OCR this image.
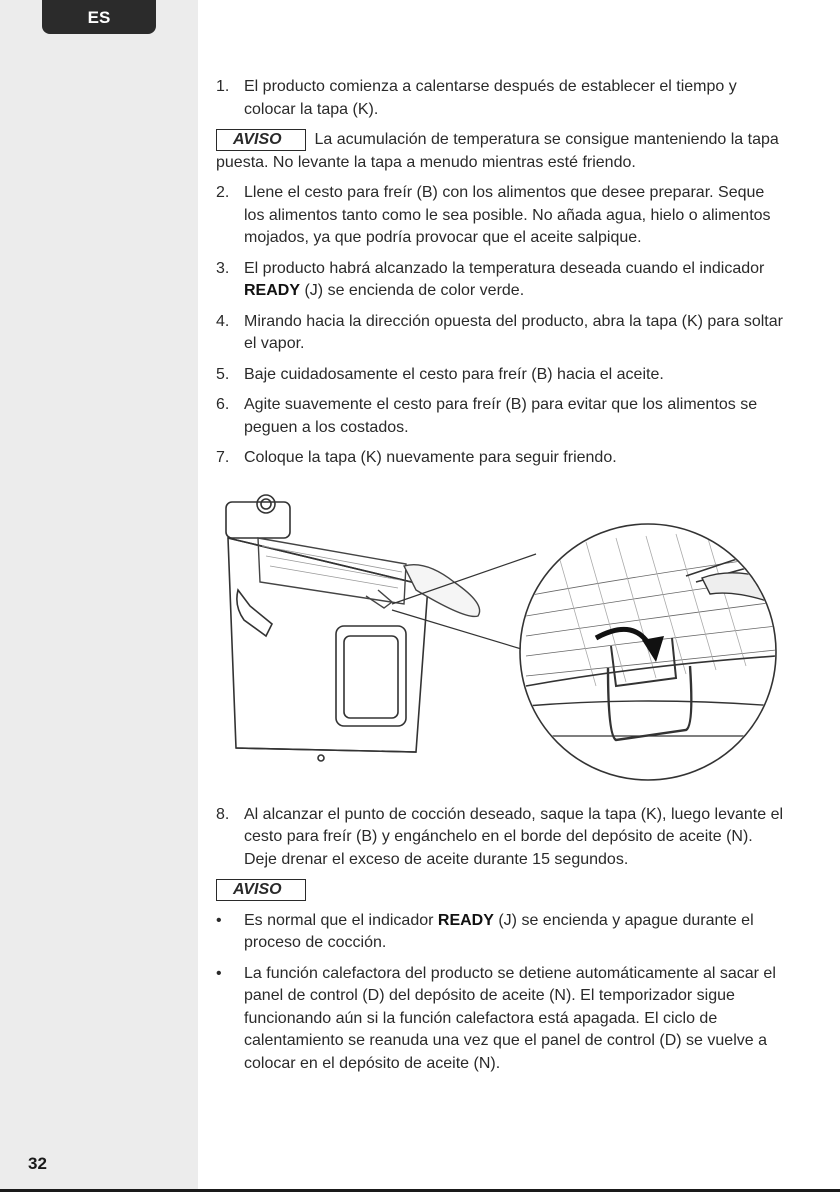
ES
32
1. El producto comienza a calentarse después de establecer el tiempo y colocar la tapa (K).

AVISO La acumulación de temperatura se consigue manteniendo la tapa puesta. No levante la tapa a menudo mientras esté friendo.

2. Llene el cesto para freír (B) con los alimentos que desee preparar. Seque los alimentos tanto como le sea posible. No añada agua, hielo o alimentos mojados, ya que podría provocar que el aceite salpique.
3. El producto habrá alcanzado la temperatura deseada cuando el indicador READY (J) se encienda de color verde.
4. Mirando hacia la dirección opuesta del producto, abra la tapa (K) para soltar el vapor.
5. Baje cuidadosamente el cesto para freír (B) hacia el aceite.
6. Agite suavemente el cesto para freír (B) para evitar que los alimentos se peguen a los costados.
7. Coloque la tapa (K) nuevamente para seguir friendo.
8. Al alcanzar el punto de cocción deseado, saque la tapa (K), luego levante el cesto para freír (B) y engánchelo en el borde del depósito de aceite (N). Deje drenar el exceso de aceite durante 15 segundos.

AVISO

•	Es normal que el indicador READY (J) se encienda y apague durante el proceso de cocción.
•	La función calefactora del producto se detiene automáticamente al sacar el panel de control (D) del depósito de aceite (N). El temporizador sigue funcionando aún si la función calefactora está apagada. El ciclo de calentamiento se reanuda una vez que el panel de control (D) se vuelve a colocar en el depósito de aceite (N).
